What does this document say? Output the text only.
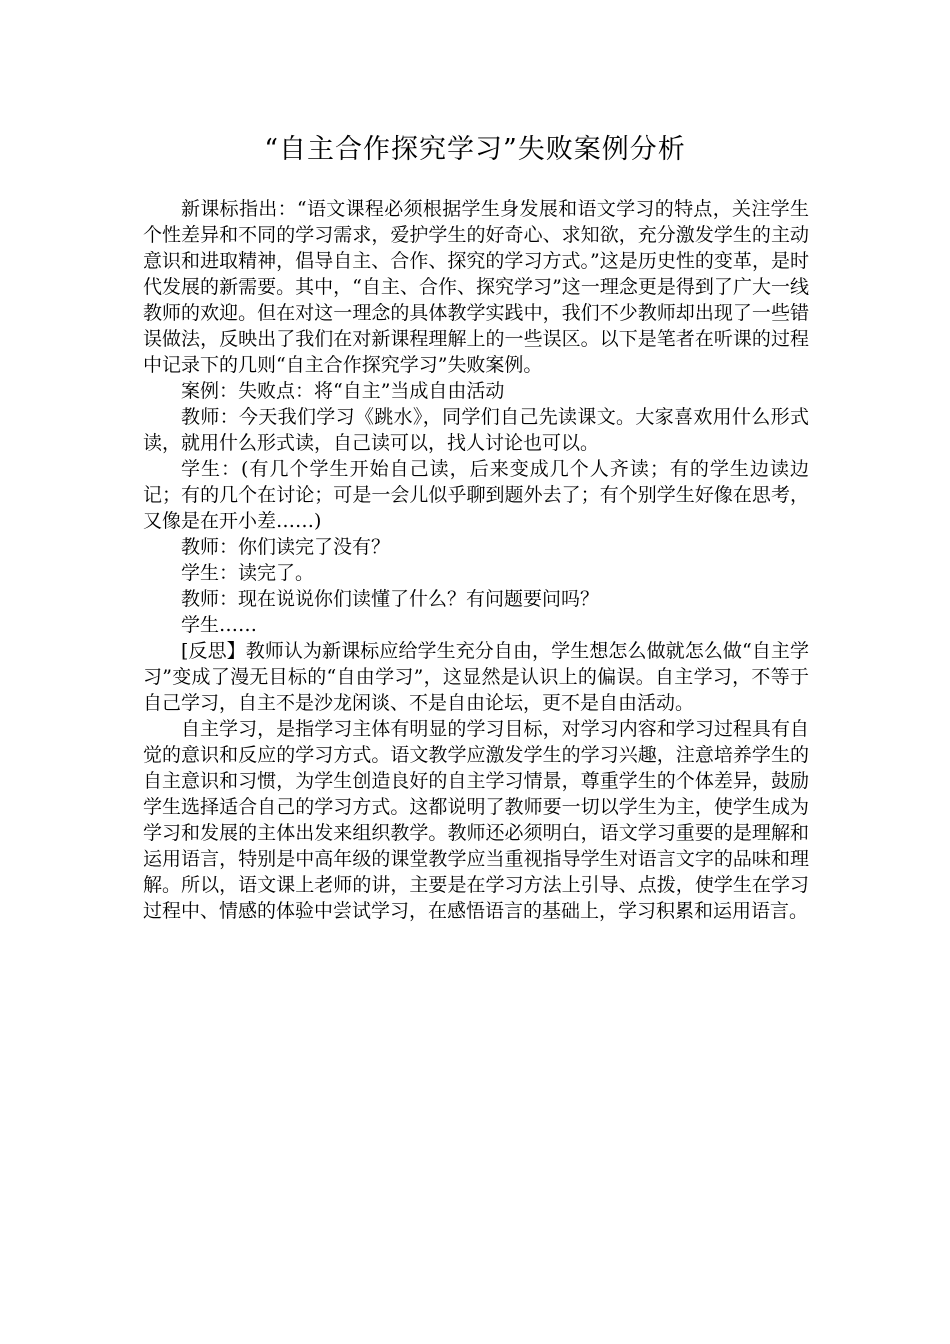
“自主合作探究学习”失败案例分析

新课标指出：“语文课程必须根据学生身发展和语文学习的特点，关注学生个性差异和不同的学习需求，爱护学生的好奇心、求知欲，充分激发学生的主动意识和进取精神，倡导自主、合作、探究的学习方式。”这是历史性的变革，是时代发展的新需要。其中，“自主、合作、探究学习”这一理念更是得到了广大一线教师的欢迎。但在对这一理念的具体教学实践中，我们不少教师却出现了一些错误做法，反映出了我们在对新课程理解上的一些误区。以下是笔者在听课的过程中记录下的几则“自主合作探究学习”失败案例。

案例：失败点：将“自主”当成自由活动

教师：今天我们学习《跳水》，同学们自己先读课文。大家喜欢用什么形式读，就用什么形式读，自己读可以，找人讨论也可以。

学生：(有几个学生开始自己读，后来变成几个人齐读；有的学生边读边记；有的几个在讨论；可是一会儿似乎聊到题外去了；有个别学生好像在思考，又像是在开小差……)

教师：你们读完了没有？

学生：读完了。

教师：现在说说你们读懂了什么？有问题要问吗？

学生……

[反思】教师认为新课标应给学生充分自由，学生想怎么做就怎么做“自主学习”变成了漫无目标的“自由学习”，这显然是认识上的偏误。自主学习，不等于自己学习，自主不是沙龙闲谈、不是自由论坛，更不是自由活动。

自主学习，是指学习主体有明显的学习目标，对学习内容和学习过程具有自觉的意识和反应的学习方式。语文教学应激发学生的学习兴趣，注意培养学生的自主意识和习惯，为学生创造良好的自主学习情景，尊重学生的个体差异，鼓励学生选择适合自己的学习方式。这都说明了教师要一切以学生为主，使学生成为学习和发展的主体出发来组织教学。教师还必须明白，语文学习重要的是理解和运用语言，特别是中高年级的课堂教学应当重视指导学生对语言文字的品味和理解。所以，语文课上老师的讲，主要是在学习方法上引导、点拨，使学生在学习过程中、情感的体验中尝试学习，在感悟语言的基础上，学习积累和运用语言。
